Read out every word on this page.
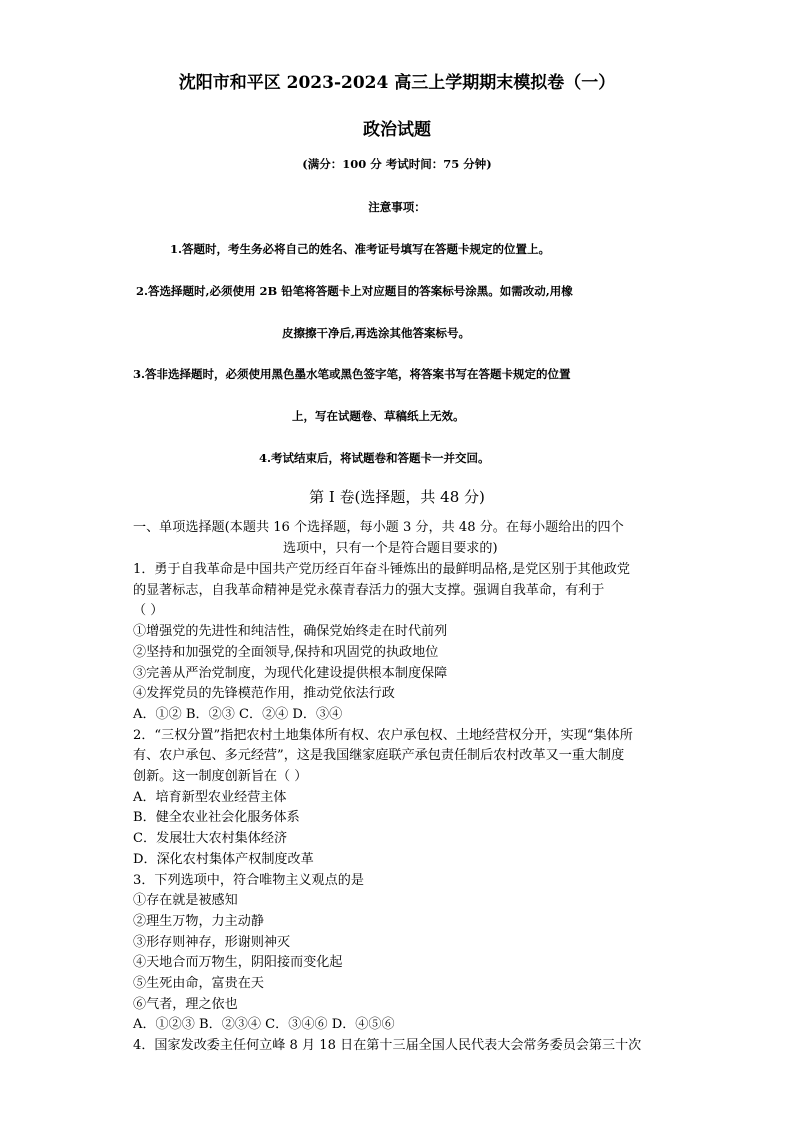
沈阳市和平区 2023-2024 高三上学期期末模拟卷（一）
政治试题
(满分：100 分 考试时间：75 分钟)
注意事项：
1.答题时，考生务必将自己的姓名、准考证号填写在答题卡规定的位置上。
2.答选择题时,必须使用 2B 铅笔将答题卡上对应题目的答案标号涂黑。如需改动,用橡
皮擦擦干净后,再选涂其他答案标号。
3.答非选择题时，必须使用黑色墨水笔或黑色签字笔，将答案书写在答题卡规定的位置
上，写在试题卷、草稿纸上无效。
4.考试结束后，将试题卷和答题卡一并交回。
第 Ⅰ 卷(选择题，共 48 分)
一、单项选择题(本题共 16 个选择题，每小题 3 分，共 48 分。在每小题给出的四个
选项中，只有一个是符合题目要求的)
1．勇于自我革命是中国共产党历经百年奋斗锤炼出的最鲜明品格,是党区别于其他政党
的显著标志，自我革命精神是党永葆青春活力的强大支撑。强调自我革命，有利于
（ ）
①增强党的先进性和纯洁性，确保党始终走在时代前列
②坚持和加强党的全面领导,保持和巩固党的执政地位
③完善从严治党制度，为现代化建设提供根本制度保障
④发挥党员的先锋模范作用，推动党依法行政
A．①② B．②③ C．②④ D．③④
2．“三权分置”指把农村土地集体所有权、农户承包权、土地经营权分开，实现“集体所
有、农户承包、多元经营”，这是我国继家庭联产承包责任制后农村改革又一重大制度
创新。这一制度创新旨在（ ）
A．培育新型农业经营主体
B．健全农业社会化服务体系
C．发展壮大农村集体经济
D．深化农村集体产权制度改革
3．下列选项中，符合唯物主义观点的是
①存在就是被感知
②理生万物，力主动静
③形存则神存，形谢则神灭
④天地合而万物生，阴阳接而变化起
⑤生死由命，富贵在天
⑥气者，理之依也
A．①②③ B．②③④ C．③④⑥ D．④⑤⑥
4．国家发改委主任何立峰 8 月 18 日在第十三届全国人民代表大会常务委员会第三十次
